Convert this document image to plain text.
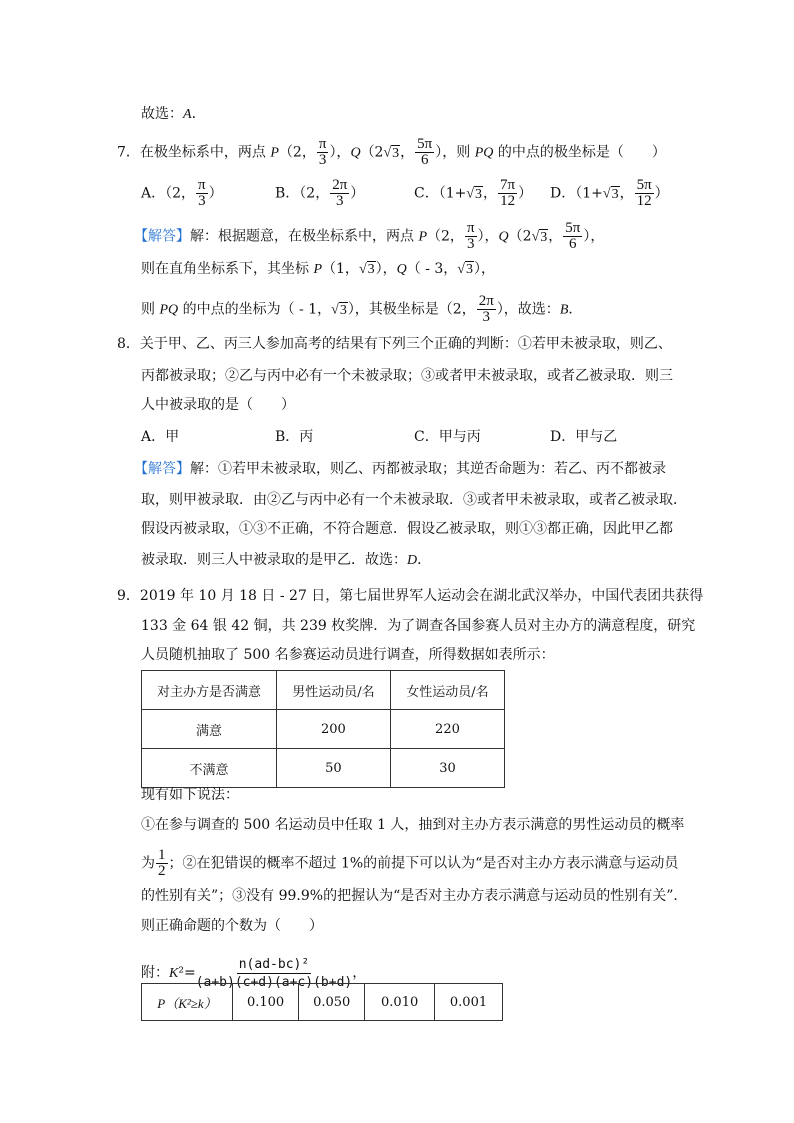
故选：A．
7．在极坐标系中，两点 P（2， $\frac{\pi}{3}$ ），Q（2√3， $\frac{5\pi}{6}$ ），则 PQ 的中点的极坐标是（　　）
A．（2， $\frac{\pi}{3}$ ）	B．（2， $\frac{2\pi}{3}$ ）	C．（1+√3， $\frac{7\pi}{12}$ ） D．（1+√3， $\frac{5\pi}{12}$ ）
【解答】解：根据题意，在极坐标系中，两点 P（2， $\frac{\pi}{3}$ ），Q（2√3， $\frac{5\pi}{6}$ ），
则在直角坐标系下，其坐标 P（1，√3），Q（ - 3，√3），
则 PQ 的中点的坐标为（ - 1，√3），其极坐标是（2， $\frac{2\pi}{3}$ ），故选：B．
8．关于甲、乙、丙三人参加高考的结果有下列三个正确的判断：①若甲未被录取，则乙、
丙都被录取；②乙与丙中必有一个未被录取；③或者甲未被录取，或者乙被录取．则三
人中被录取的是（　　）
A．甲	B．丙	C．甲与丙	D．甲与乙
【解答】解：①若甲未被录取，则乙、丙都被录取；其逆否命题为：若乙、丙不都被录
取，则甲被录取．由②乙与丙中必有一个未被录取．③或者甲未被录取，或者乙被录取．
假设丙被录取，①③不正确，不符合题意．假设乙被录取，则①③都正确，因此甲乙都
被录取．则三人中被录取的是甲乙．故选：D．
9．2019 年 10 月 18 日 - 27 日，第七届世界军人运动会在湖北武汉举办，中国代表团共获得
133 金 64 银 42 铜，共 239 枚奖牌．为了调查各国参赛人员对主办方的满意程度，研究
人员随机抽取了 500 名参赛运动员进行调查，所得数据如表所示：
对主办方是否满意	男性运动员/名	女性运动员/名
满意	200	220
不满意	50	30
现有如下说法：
①在参与调查的 500 名运动员中任取 1 人，抽到对主办方表示满意的男性运动员的概率
为 $\frac{1}{2}$ ；②在犯错误的概率不超过 1%的前提下可以认为“是否对主办方表示满意与运动员
的性别有关”；③没有 99.9%的把握认为“是否对主办方表示满意与运动员的性别有关”．
则正确命题的个数为（　　）
附：$K^2= \frac{\text{n(ad-bc)²}}{(a+b)(c+d)(a+c)(b+d)}$ ，
P（K²≥k）	0.100	0.050	0.010	0.001
